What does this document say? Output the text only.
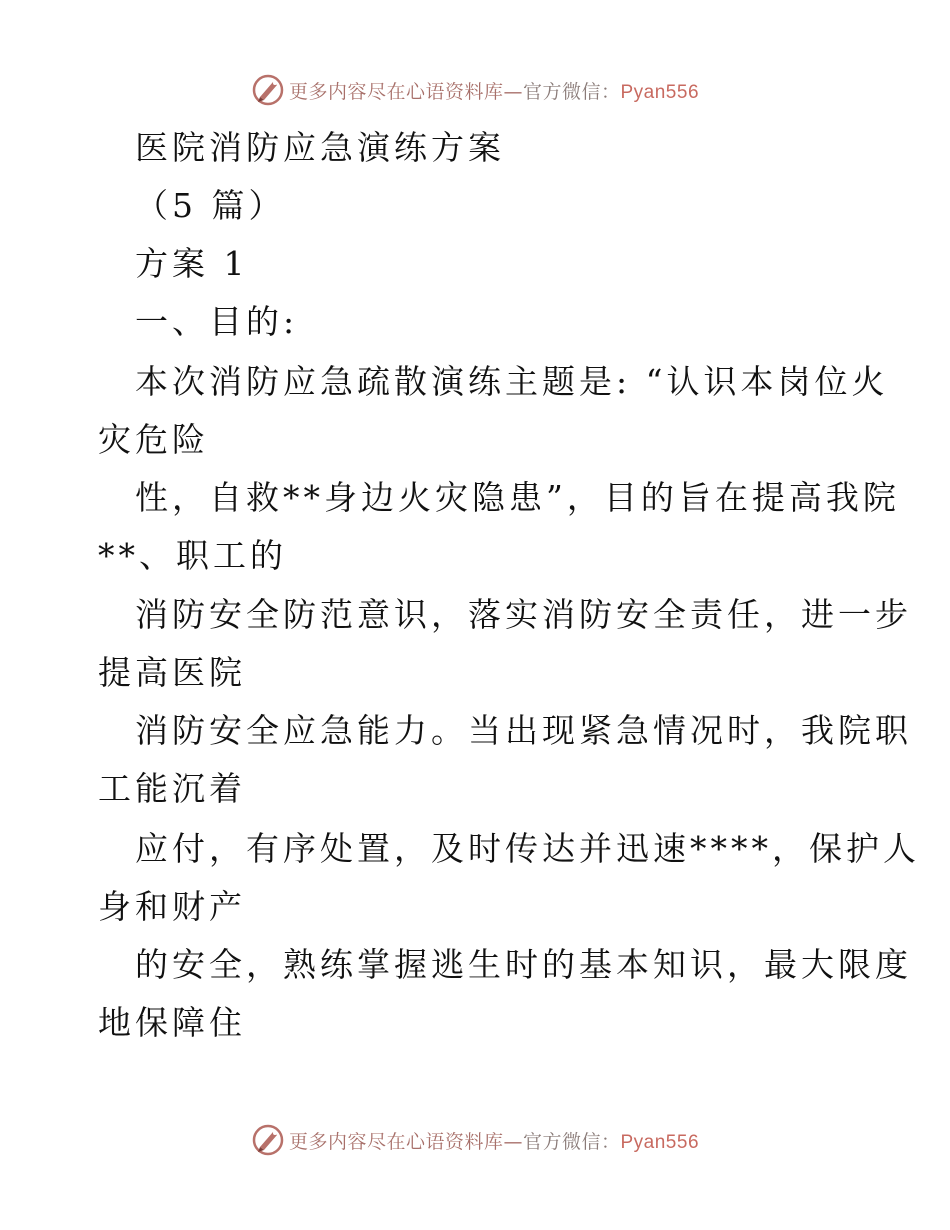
更多内容尽在心语资料库—官方微信：Pyan556
医院消防应急演练方案
（5 篇）
方案 1
一、目的:
本次消防应急疏散演练主题是: “认识本岗位火
灾危险
性，自救**身边火灾隐患”，目的旨在提高我院
**、职工的
消防安全防范意识，落实消防安全责任，进一步
提高医院
消防安全应急能力。当出现紧急情况时，我院职
工能沉着
应付，有序处置，及时传达并迅速****，保护人
身和财产
的安全，熟练掌握逃生时的基本知识，最大限度
地保障住
更多内容尽在心语资料库—官方微信：Pyan556
